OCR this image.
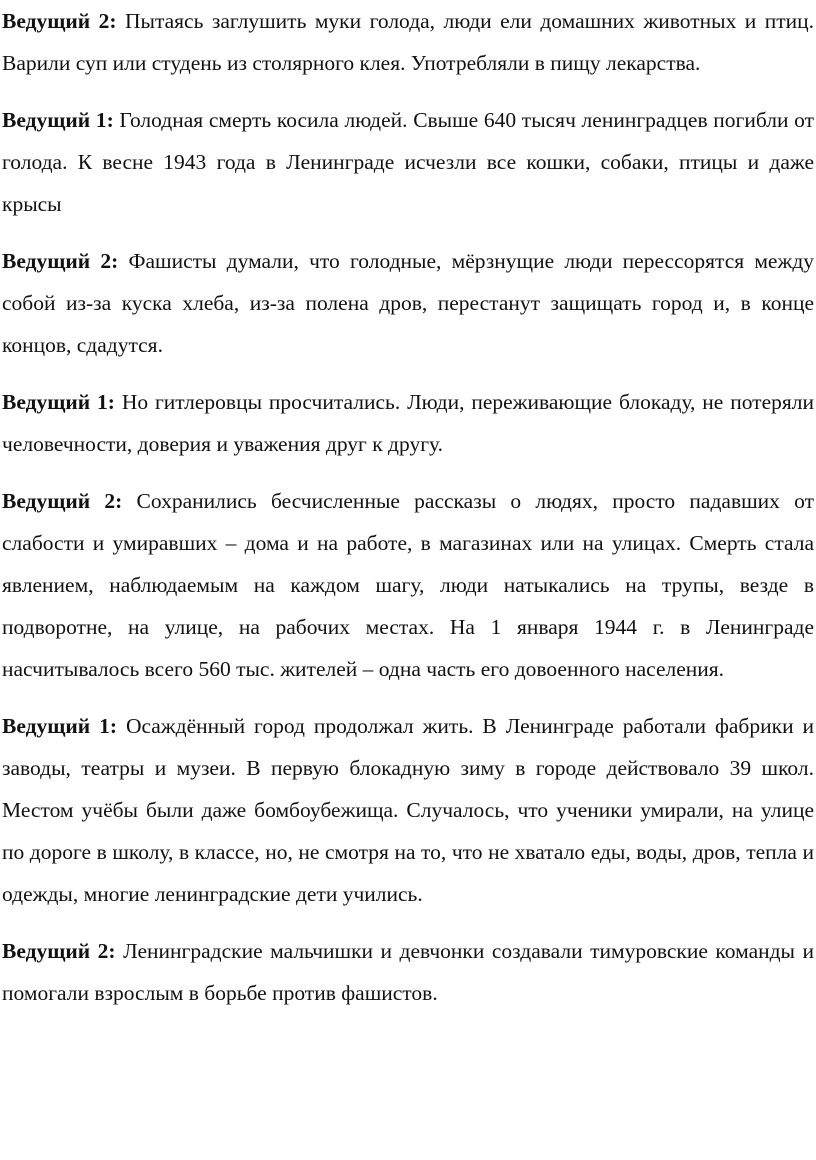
Ведущий 2: Пытаясь заглушить муки голода, люди ели домашних животных и птиц. Варили суп или студень из столярного клея. Употребляли в пищу лекарства.

Ведущий 1: Голодная смерть косила людей. Свыше 640 тысяч ленинградцев погибли от голода. К весне 1943 года в Ленинграде исчезли все кошки, собаки, птицы и даже крысы

Ведущий 2: Фашисты думали, что голодные, мёрзнущие люди перессорятся между собой из-за куска хлеба, из-за полена дров, перестанут защищать город и, в конце концов, сдадутся.

Ведущий 1: Но гитлеровцы просчитались. Люди, переживающие блокаду, не потеряли человечности, доверия и уважения друг к другу.

Ведущий 2: Сохранились бесчисленные рассказы о людях, просто падавших от слабости и умиравших – дома и на работе, в магазинах или на улицах. Смерть стала явлением, наблюдаемым на каждом шагу, люди натыкались на трупы, везде в подворотне, на улице, на рабочих местах. На 1 января 1944 г. в Ленинграде насчитывалось всего 560 тыс. жителей – одна часть его довоенного населения.

Ведущий 1: Осаждённый город продолжал жить. В Ленинграде работали фабрики и заводы, театры и музеи. В первую блокадную зиму в городе действовало 39 школ. Местом учёбы были даже бомбоубежища. Случалось, что ученики умирали, на улице по дороге в школу, в классе, но, не смотря на то, что не хватало еды, воды, дров, тепла и одежды, многие ленинградские дети учились.

Ведущий 2: Ленинградские мальчишки и девчонки создавали тимуровские команды и помогали взрослым в борьбе против фашистов.
